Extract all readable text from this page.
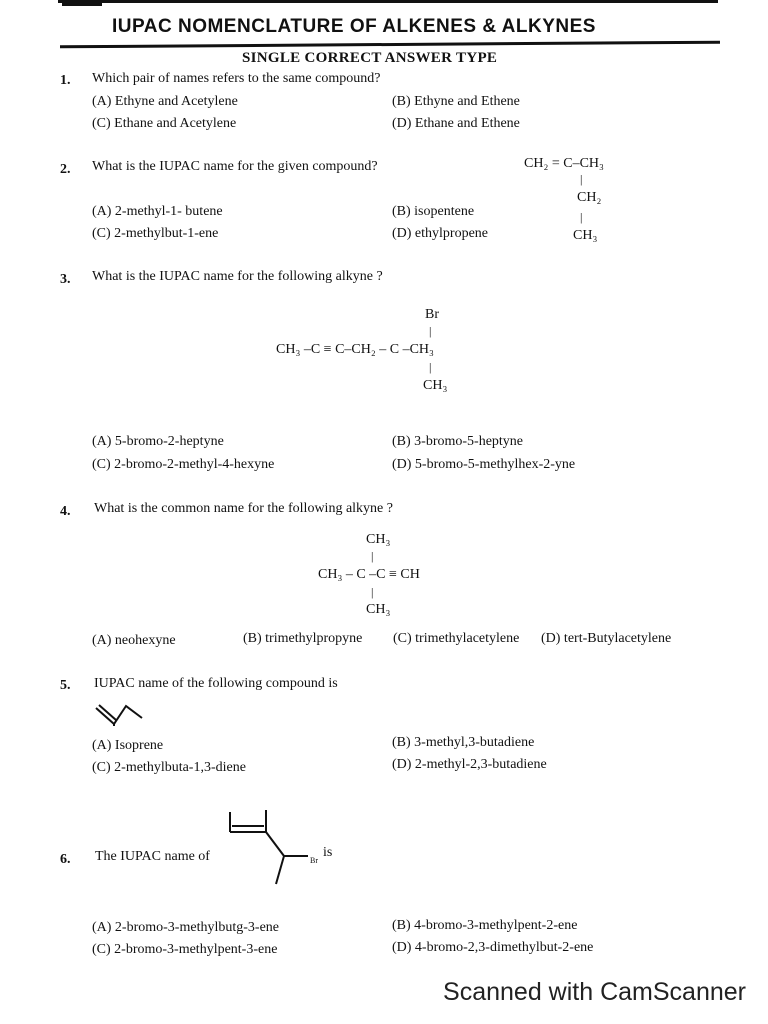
IUPAC NOMENCLATURE OF ALKENES & ALKYNES
SINGLE CORRECT ANSWER TYPE
1. Which pair of names refers to the same compound?
(A) Ethyne and Acetylene	(B) Ethyne and Ethene
(C) Ethane and Acetylene	(D) Ethane and Ethene
2. What is the IUPAC name for the given compound?	CH₂ = C–CH₃
|
CH₂
|
CH₃
(A) 2-methyl-1- butene	(B) isopentene
(C) 2-methylbut-1-ene	(D) ethylpropene
3. What is the IUPAC name for the following alkyne ?
Br
|
CH₃ –C ≡ C–CH₂ – C –CH₃
|
CH₃
(A) 5-bromo-2-heptyne	(B) 3-bromo-5-heptyne
(C) 2-bromo-2-methyl-4-hexyne	(D) 5-bromo-5-methylhex-2-yne
4. What is the common name for the following alkyne ?
CH₃
|
CH₃ – C –C ≡ CH
|
CH₃
(A) neohexyne	(B) trimethylpropyne (C) trimethylacetylene (D) tert-Butylacetylene
5. IUPAC name of the following compound is
(A) Isoprene	(B) 3-methyl,3-butadiene
(C) 2-methylbuta-1,3-diene	(D) 2-methyl-2,3-butadiene
6. The IUPAC name of	Br
is
(A) 2-bromo-3-methylbutg-3-ene	(B) 4-bromo-3-methylpent-2-ene
(C) 2-bromo-3-methylpent-3-ene	(D) 4-bromo-2,3-dimethylbut-2-ene
Scanned with CamScanner
